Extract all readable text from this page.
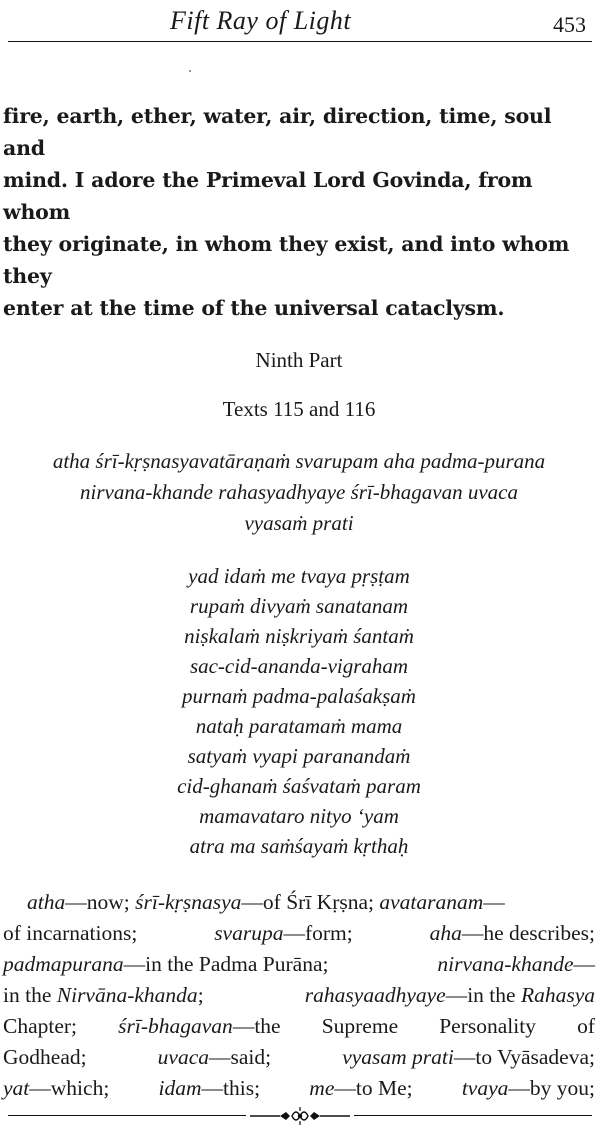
Fift Ray of Light	453
fire, earth, ether, water, air, direction, time, soul and
mind. I adore the Primeval Lord Govinda, from whom
they originate, in whom they exist, and into whom they
enter at the time of the universal cataclysm.
Ninth Part
Texts 115 and 116
atha śrī-kṛṣnasyavatāraṇaṁ svarupam aha padma-purana
nirvana-khande rahasyadhyaye śrī-bhagavan uvaca
vyasaṁ prati
yad idaṁ me tvaya pṛṣṭam
rupaṁ divyaṁ sanatanam
niṣkalaṁ niṣkriyaṁ śantaṁ
sac-cid-ananda-vigraham
purnaṁ padma-palaśakṣaṁ
nataḥ paratamaṁ mama
satyaṁ vyapi paranandaṁ
cid-ghanaṁ śaśvataṁ param
mamavataro nityo ‘yam
atra ma saṁśayaṁ kṛthaḥ
atha—now; śrī-kṛṣnasya—of Śrī Kṛṣna; avataranam—
of incarnations;	svarupa—form;	aha—he describes;
padmapurana—in the Padma Purāna;	nirvana-khande—
in the Nirvāna-khanda;	rahasyaadhyaye—in the Rahasya
Chapter; śrī-bhagavan—the Supreme Personality of
Godhead;	uvaca—said;	vyasam prati—to Vyāsadeva;
yat—which; idam—this; me—to Me; tvaya—by you;
